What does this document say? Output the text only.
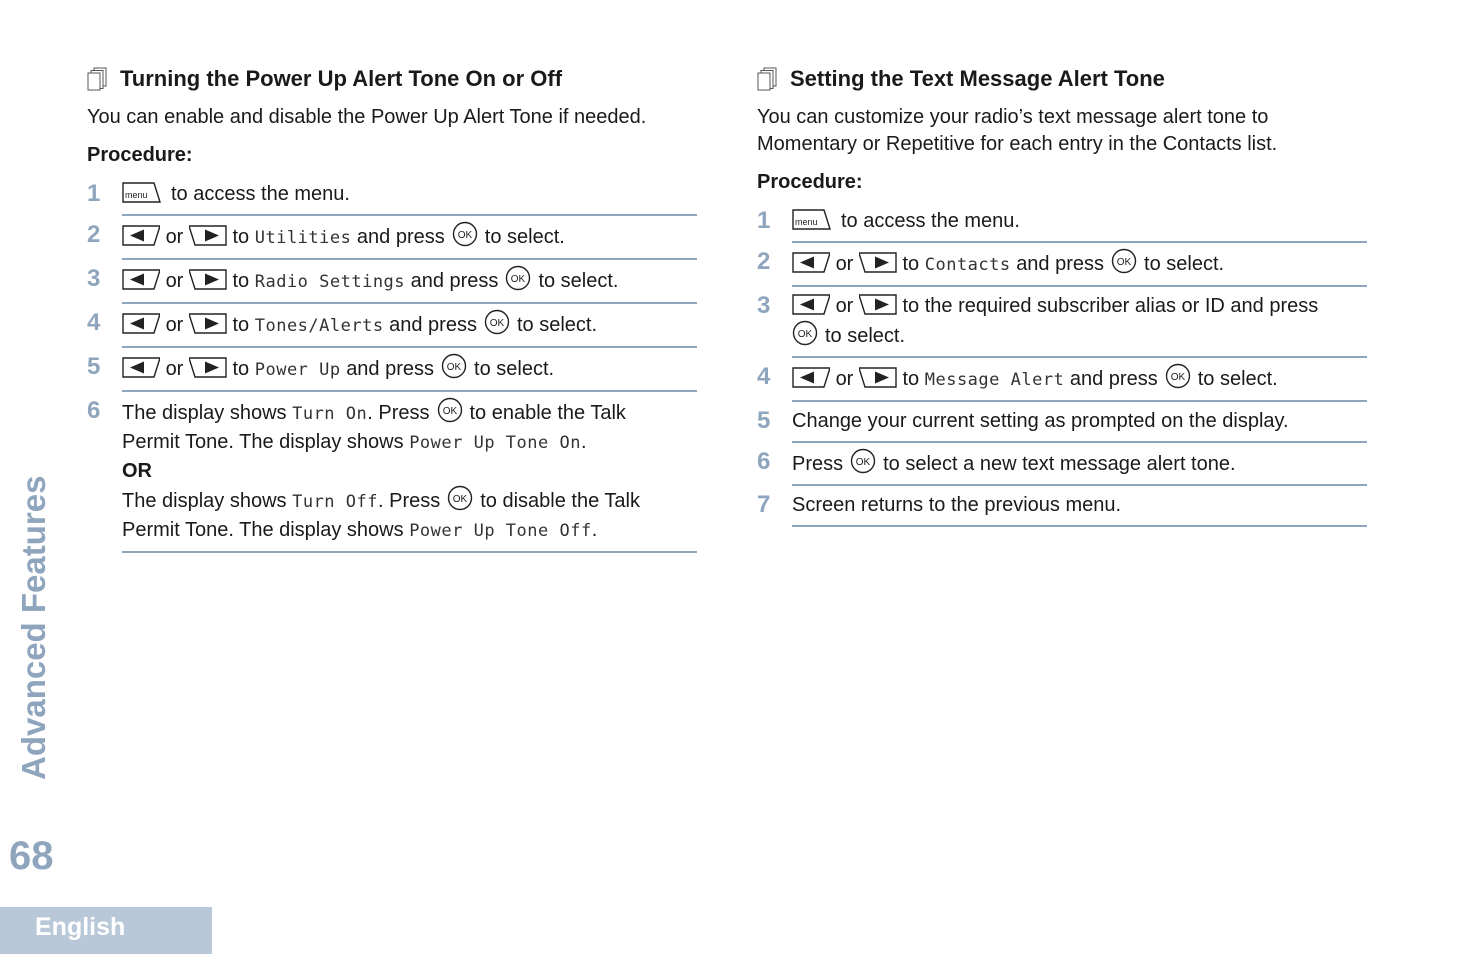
Advanced Features
68
English
Turning the Power Up Alert Tone On or Off

You can enable and disable the Power Up Alert Tone if needed.

Procedure:

1	menu to access the menu.
2	or to Utilities and press OK to select.
3	or to Radio Settings and press OK to select.
4	or to Tones/Alerts and press OK to select.
5	or to Power Up and press OK to select.
6	The display shows Turn On. Press OK to enable the Talk
Permit Tone. The display shows Power Up Tone On.
OR
The display shows Turn Off. Press OK to disable the Talk
Permit Tone. The display shows Power Up Tone Off.
Setting the Text Message Alert Tone

You can customize your radio’s text message alert tone to
Momentary or Repetitive for each entry in the Contacts list.

Procedure:

1	menu to access the menu.
2	or to Contacts and press OK to select.
3	or to the required subscriber alias or ID and press

OK to select.
4	or to Message Alert and press OK to select.
5	Change your current setting as prompted on the display.
6	Press OK to select a new text message alert tone.
7	Screen returns to the previous menu.
